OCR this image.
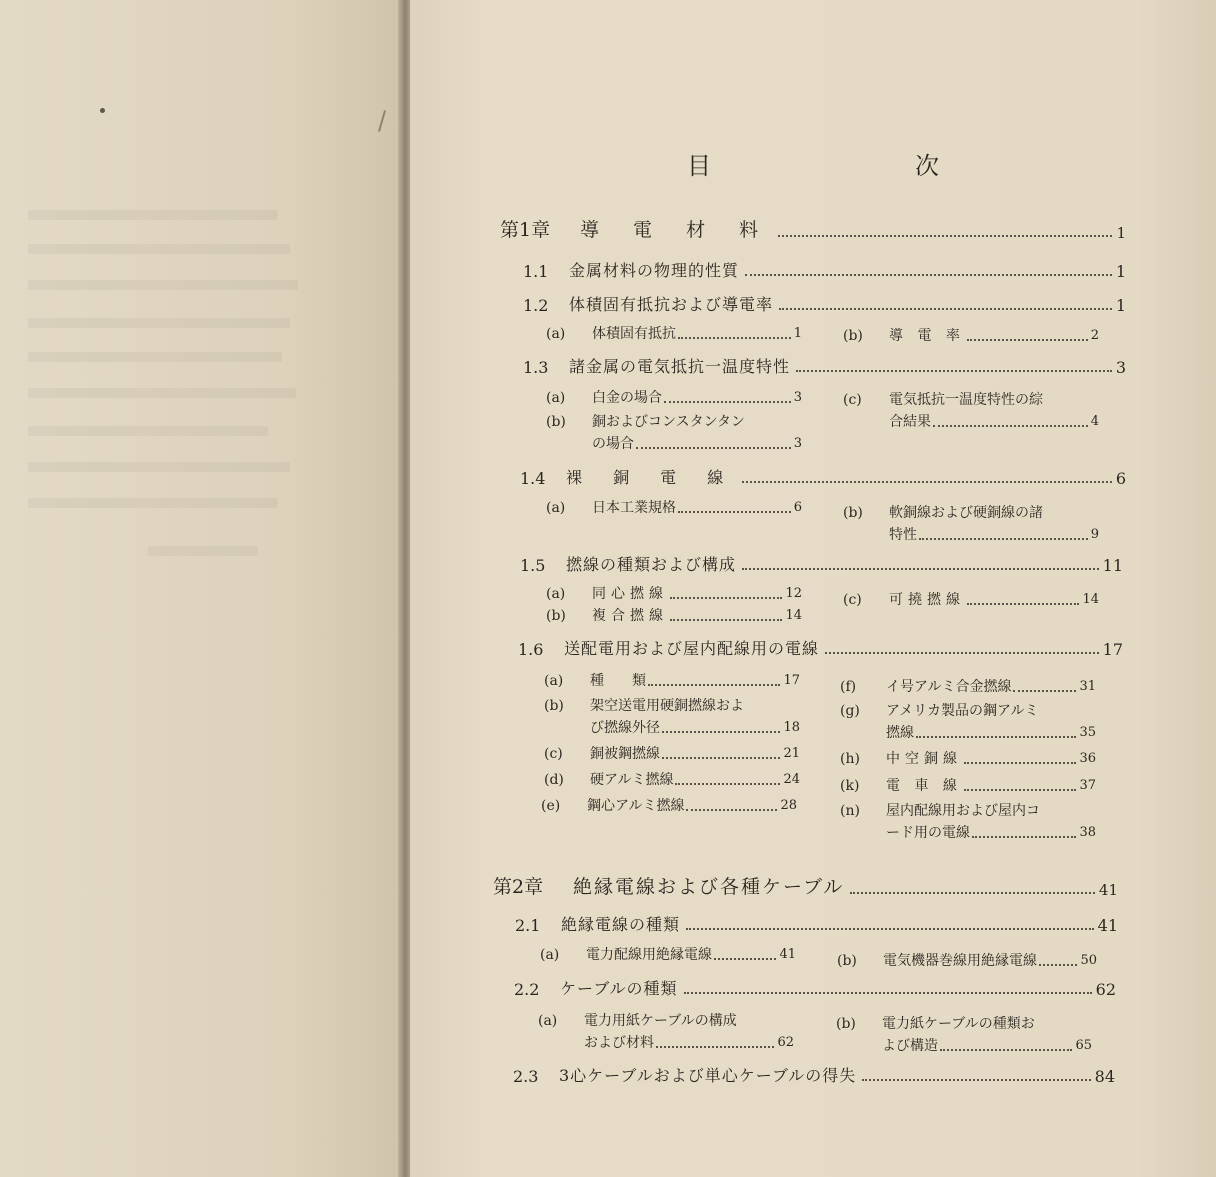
目　次
第1章	導 電 材 料	1
1.1	金属材料の物理的性質	1
1.2	体積固有抵抗および導電率	1
(a)	体積固有抵抗	1	(b)	導 電 率	2
1.3	諸金属の電気抵抗一温度特性	3
(a)	白金の場合	3
(b)	銅およびコンスタンタン
の場合	3
(c)	電気抵抗一温度特性の綜
合結果	4
1.4	裸 銅 電 線	6
(a)	日本工業規格	6	(b)	軟銅線および硬銅線の諸
特性	9
1.5	撚線の種類および構成	11
(a)	同心撚線	12
(b)	複合撚線	14
(c)	可撓撚線	14
1.6	送配電用および屋内配線用の電線	17
(a)	種　　類	17
(b)	架空送電用硬銅撚線およ
び撚線外径	18
(c)	銅被鋼撚線	21
(d)	硬アルミ撚線	24
(e)	鋼心アルミ撚線	28
(f)	イ号アルミ合金撚線	31
(g)	アメリカ製品の鋼アルミ
撚線	35
(h)	中空銅線	36
(k)	電 車 線	37
(n)	屋内配線用および屋内コ
ード用の電線	38
第2章	絶縁電線および各種ケーブル	41
2.1	絶縁電線の種類	41
(a)	電力配線用絶縁電線	41	(b)	電気機器巻線用絶縁電線	50
2.2	ケーブルの種類	62
(a)	電力用紙ケーブルの構成
および材料	62
(b)	電力紙ケーブルの種類お
よび構造	65
2.3	3心ケーブルおよび単心ケーブルの得失	84
